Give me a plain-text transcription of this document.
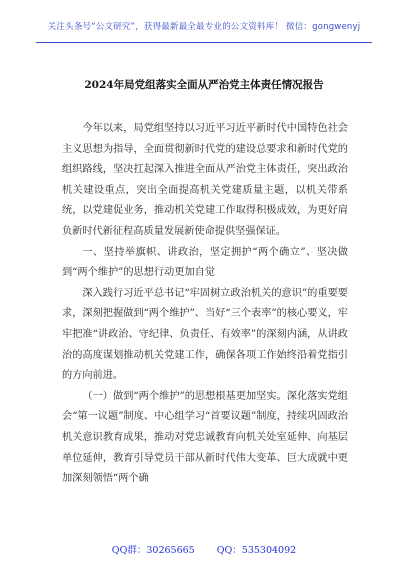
关注头条号“公文研究”，获得最新最全最专业的公文资料库！ 微信：gongwenyj
2024年局党组落实全面从严治党主体责任情况报告

今年以来，局党组坚持以习近平习近平新时代中国特色社会主义思想为指导，全面贯彻新时代党的建设总要求和新时代党的组织路线，坚决扛起深入推进全面从严治党主体责任，突出政治机关建设重点，突出全面提高机关党建质量主题，以机关带系统，以党建促业务，推动机关党建工作取得积极成效，为更好肩负新时代新征程高质量发展新使命提供坚强保证。

一、坚持举旗帜、讲政治，坚定拥护“两个确立”、坚决做到“两个维护”的思想行动更加自觉

深入践行习近平总书记“牢固树立政治机关的意识”的重要要求，深刻把握做到“两个维护”、当好“三个表率”的核心要义，牢牢把准“讲政治、守纪律、负责任、有效率”的深刻内涵，从讲政治的高度谋划推动机关党建工作，确保各项工作始终沿着党指引的方向前进。

（一）做到“两个维护”的思想根基更加坚实。深化落实党组会“第一议题”制度、中心组学习“首要议题”制度，持续巩固政治机关意识教育成果，推动对党忠诚教育向机关处室延伸、向基层单位延伸，教育引导党员干部从新时代伟大变革、巨大成就中更加深刻领悟“两个确

QQ群：30265665 QQ：535304092
